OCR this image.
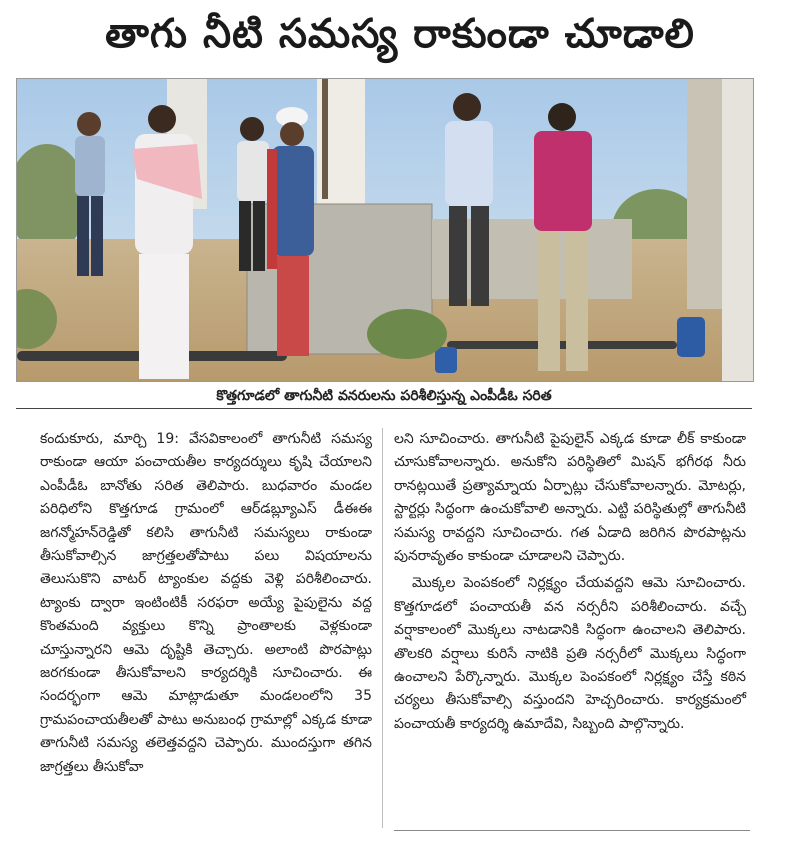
తాగు నీటి సమస్య రాకుండా చూడాలి
కొత్తగూడలో తాగునీటి వనరులను పరిశీలిస్తున్న ఎంపీడీఓ సరిత

కందుకూరు, మార్చి 19: వేసవికాలంలో తాగునీటి సమస్య రాకుండా ఆయా పంచాయతీల కార్యదర్శులు కృషి చేయాలని ఎంపీడీఓ బానోతు సరిత తెలిపారు. బుధవారం మండల పరిధిలోని కొత్తగూడ గ్రామంలో ఆర్‌డబ్ల్యూఎస్ డీఈఈ జగన్మోహన్‌రెడ్డితో కలిసి తాగునీటి సమస్యలు రాకుండా తీసుకోవాల్సిన జాగ్రత్తలతోపాటు పలు విషయాలను తెలుసుకొని వాటర్ ట్యాంకుల వద్దకు వెళ్లి పరిశీలించారు. ట్యాంకు ద్వారా ఇంటింటికీ సరఫరా అయ్యే పైపులైను వద్ద కొంతమంది వ్యక్తులు కొన్ని ప్రాంతాలకు వెళ్లకుండా చూస్తున్నారని ఆమె దృష్టికి తెచ్చారు. అలాంటి పొరపాట్లు జరగకుండా తీసుకోవాలని కార్యదర్శికి సూచించారు. ఈ సందర్భంగా ఆమె మాట్లాడుతూ మండలంలోని 35 గ్రామపంచాయతీలతో పాటు అనుబంధ గ్రామాల్లో ఎక్కడ కూడా తాగునీటి సమస్య తలెత్తవద్దని చెప్పారు. ముందస్తుగా తగిన జాగ్రత్తలు తీసుకోవా

లని సూచించారు. తాగునీటి పైపులైన్ ఎక్కడ కూడా లీక్ కాకుండా చూసుకోవాలన్నారు. అనుకోని పరిస్థితిలో మిషన్ భగీరథ నీరు రానట్లయితే ప్రత్యామ్నాయ ఏర్పాట్లు చేసుకోవాలన్నారు. మోటర్లు, స్టార్టర్లు సిద్ధంగా ఉంచుకోవాలి అన్నారు. ఎట్టి పరిస్థితుల్లో తాగునీటి సమస్య రావద్దని సూచించారు. గత ఏడాది జరిగిన పొరపాట్లను పునరావృతం కాకుండా చూడాలని చెప్పారు.

మొక్కల పెంపకంలో నిర్లక్ష్యం చేయవద్దని ఆమె సూచించారు. కొత్తగూడలో పంచాయతీ వన నర్సరీని పరిశీలించారు. వచ్చే వర్షాకాలంలో మొక్కలు నాటడానికి సిద్ధంగా ఉంచాలని తెలిపారు. తొలకరి వర్షాలు కురిసే నాటికి ప్రతి నర్సరీలో మొక్కలు సిద్ధంగా ఉంచాలని పేర్కొన్నారు. మొక్కల పెంపకంలో నిర్లక్ష్యం చేస్తే కఠిన చర్యలు తీసుకోవాల్సి వస్తుందని హెచ్చరించారు. కార్యక్రమంలో పంచాయతీ కార్యదర్శి ఉమాదేవి, సిబ్బంది పాల్గొన్నారు.
